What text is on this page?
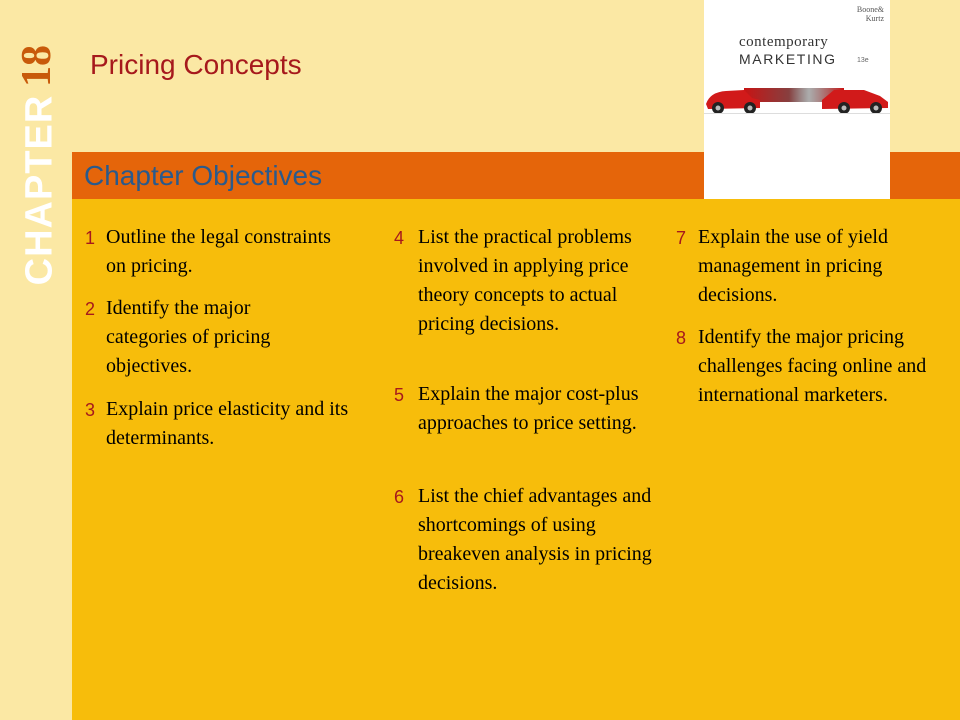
CHAPTER
18 Pricing Concepts
Chapter Objectives
Boone&
Kurtz
contemporary
MARKETING	13e
1 Outline the legal constraints on pricing.
2 Identify the major categories of pricing objectives.
3 Explain price elasticity and its determinants.
4 List the practical problems involved in applying price theory concepts to actual pricing decisions.
5 Explain the major cost-plus approaches to price setting.
6 List the chief advantages and shortcomings of using breakeven analysis in pricing decisions.
7 Explain the use of yield management in pricing decisions.
8 Identify the major pricing challenges facing online and international marketers.
